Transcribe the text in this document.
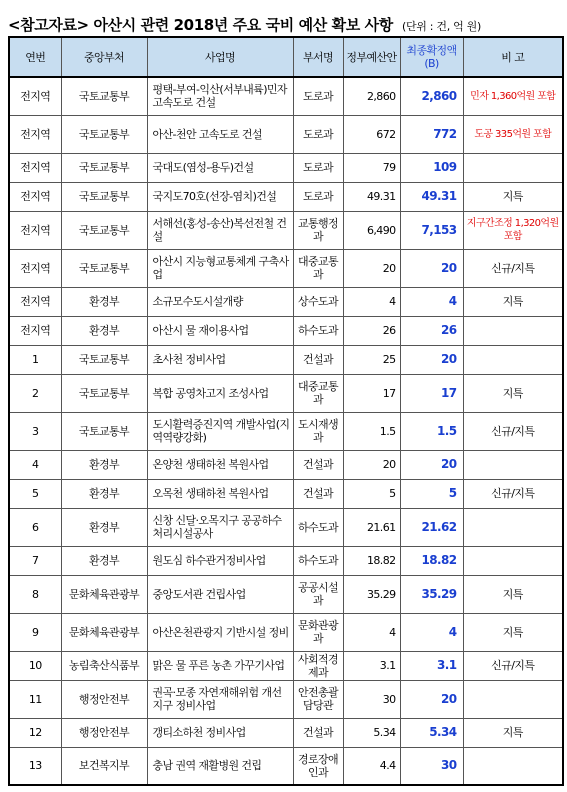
<참고자료> 아산시 관련 2018년 주요 국비 예산 확보 사항 (단위 : 건, 억 원)
연번	중앙부처	사업명	부서명	정부예산안	최종확정액(B)	비 고
전지역	국토교통부	평택-부여-익산(서부내륙)민자 고속도로 건설	도로과	2,860	2,860	민자 1,360억원 포함
전지역	국토교통부	아산-천안 고속도로 건설	도로과	672	772	도공 335억원 포함
전지역	국토교통부	국대도(염성-용두)건설	도로과	79	109	
전지역	국토교통부	국지도70호(선장-염치)건설	도로과	49.31	49.31	지특
전지역	국토교통부	서해선(홍성-송산)복선전철 건설	교통행정과	6,490	7,153	지구간조정 1,320억원 포함
전지역	국토교통부	아산시 지능형교통체계 구축사업	대중교통과	20	20	신규/지특
전지역	환경부	소규모수도시설개량	상수도과	4	4	지특
전지역	환경부	아산시 물 재이용사업	하수도과	26	26	
1	국토교통부	초사천 정비사업	건설과	25	20	
2	국토교통부	복합 공영차고지 조성사업	대중교통과	17	17	지특
3	국토교통부	도시활력증진지역 개발사업(지역역량강화)	도시재생과	1.5	1.5	신규/지특
4	환경부	온양천 생태하천 복원사업	건설과	20	20	
5	환경부	오목천 생태하천 복원사업	건설과	5	5	신규/지특
6	환경부	신창 신달·오목지구 공공하수처리시설공사	하수도과	21.61	21.62	
7	환경부	원도심 하수관거정비사업	하수도과	18.82	18.82	
8	문화체육관광부	중앙도서관 건립사업	공공시설과	35.29	35.29	지특
9	문화체육관광부	아산온천관광지 기반시설 정비	문화관광과	4	4	지특
10	농림축산식품부	맑은 물 푸른 농촌 가꾸기사업	사회적경제과	3.1	3.1	신규/지특
11	행정안전부	권곡·모종 자연재해위험 개선지구 정비사업	안전총괄담당관	30	20	
12	행정안전부	갱티소하천 정비사업	건설과	5.34	5.34	지특
13	보건복지부	충남 권역 재활병원 건립	경로장애인과	4.4	30	
